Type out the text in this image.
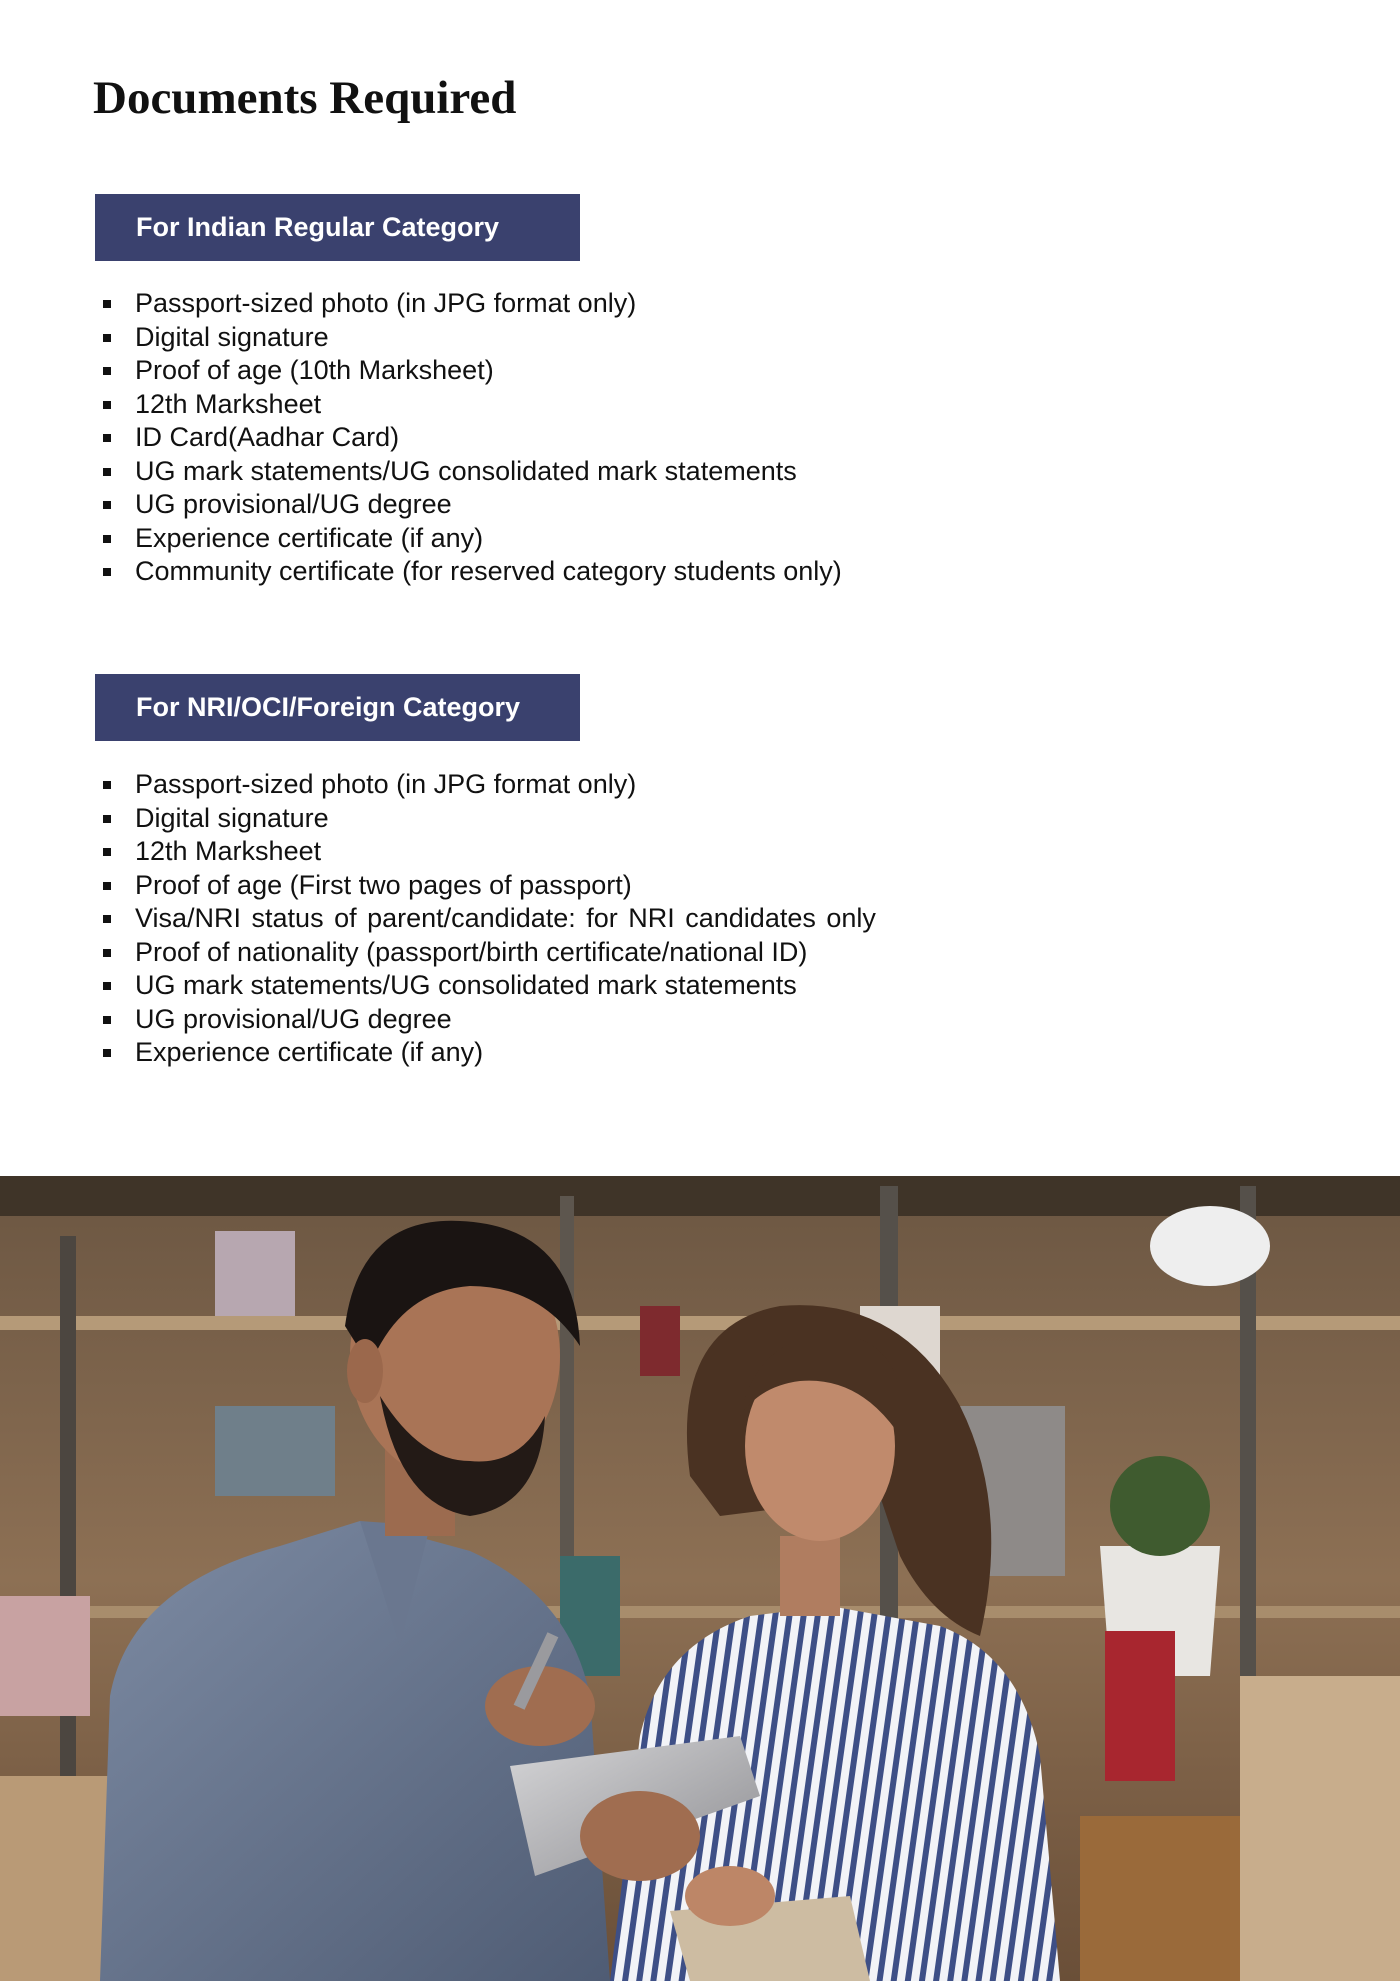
Documents Required
For Indian Regular Category
Passport-sized photo (in JPG format only)
Digital signature
Proof of age (10th Marksheet)
12th Marksheet
ID Card(Aadhar Card)
UG mark statements/UG consolidated mark statements
UG provisional/UG degree
Experience certificate (if any)
Community certificate (for reserved category students only)
For NRI/OCI/Foreign Category
Passport-sized photo (in JPG format only)
Digital signature
12th Marksheet
Proof of age (First two pages of passport)
Visa/NRI status of parent/candidate: for NRI candidates only
Proof of nationality (passport/birth certificate/national ID)
UG mark statements/UG consolidated mark statements
UG provisional/UG degree
Experience certificate (if any)
